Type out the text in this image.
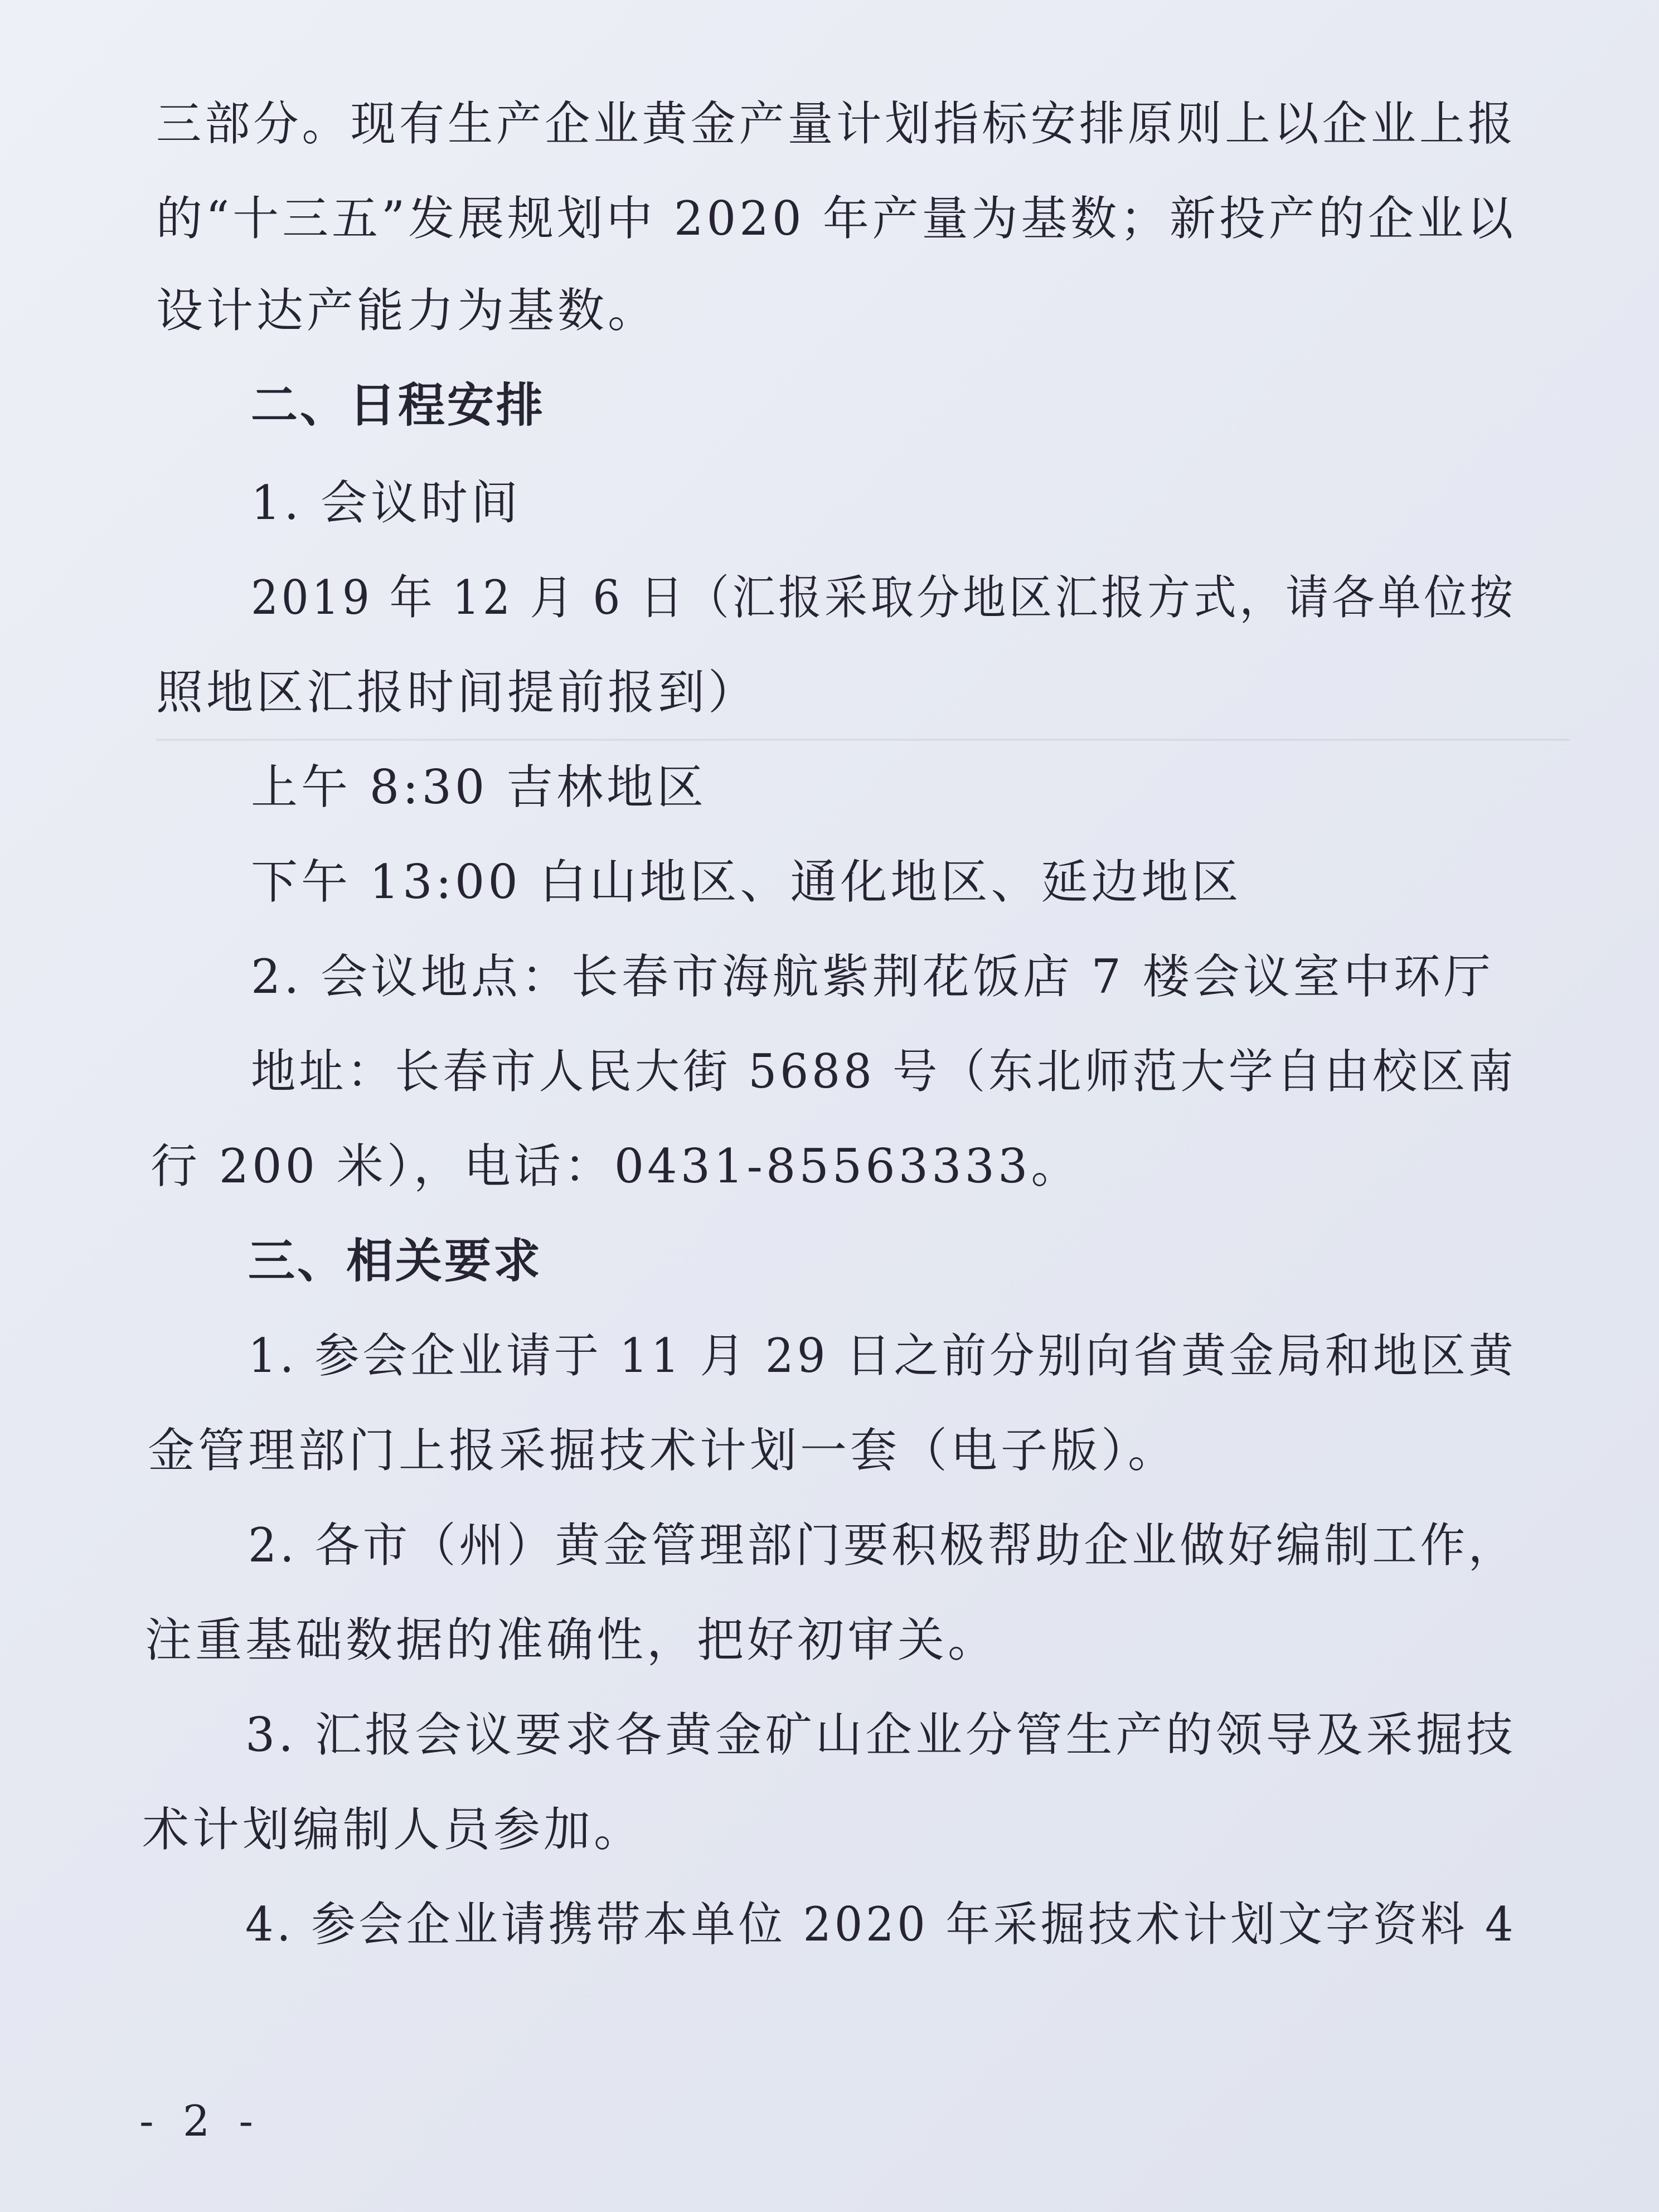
三部分。现有生产企业黄金产量计划指标安排原则上以企业上报
的“十三五”发展规划中 2020 年产量为基数；新投产的企业以
设计达产能力为基数。
二、日程安排
1. 会议时间
2019 年 12 月 6 日（汇报采取分地区汇报方式，请各单位按
照地区汇报时间提前报到）
上午 8:30 吉林地区
下午 13:00 白山地区、通化地区、延边地区
2. 会议地点：长春市海航紫荆花饭店 7 楼会议室中环厅
地址：长春市人民大街 5688 号（东北师范大学自由校区南
行 200 米），电话：0431-85563333。
三、相关要求
1. 参会企业请于 11 月 29 日之前分别向省黄金局和地区黄
金管理部门上报采掘技术计划一套（电子版）。
2. 各市（州）黄金管理部门要积极帮助企业做好编制工作，
注重基础数据的准确性，把好初审关。
3. 汇报会议要求各黄金矿山企业分管生产的领导及采掘技
术计划编制人员参加。
4. 参会企业请携带本单位 2020 年采掘技术计划文字资料 4
- 2 -
